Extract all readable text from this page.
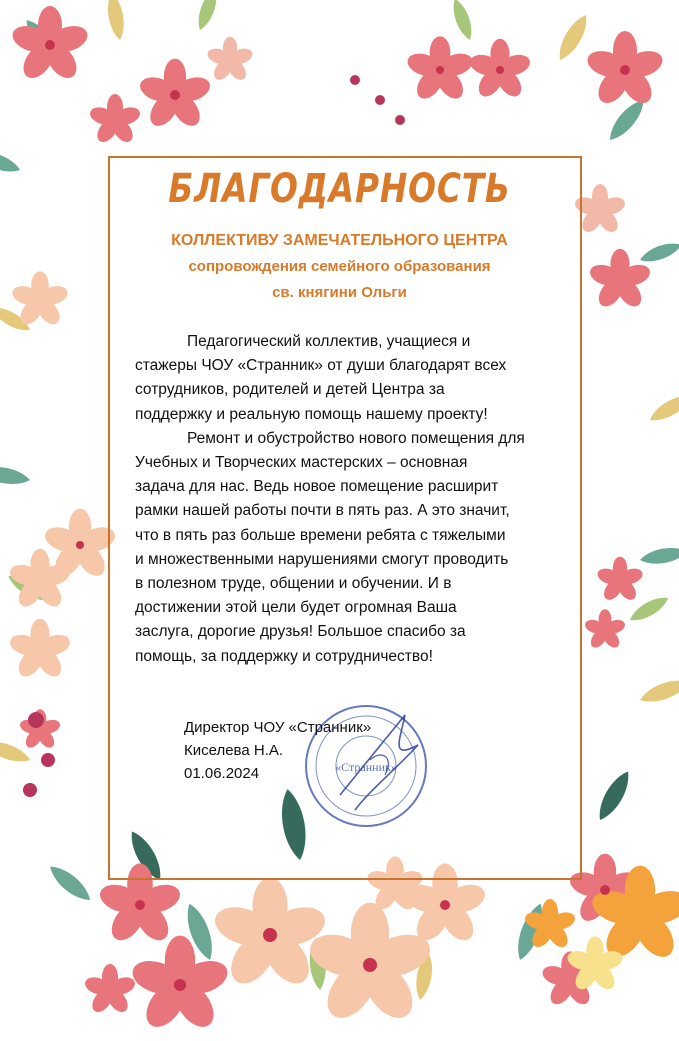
БЛАГОДАРНОСТЬ
КОЛЛЕКТИВУ ЗАМЕЧАТЕЛЬНОГО ЦЕНТРА
сопровождения семейного образования
св. княгини Ольги

Педагогический коллектив, учащиеся и

стажеры ЧОУ «Странник» от души благодарят всех

сотрудников, родителей и детей Центра за

поддержку и реальную помощь нашему проекту!

Ремонт и обустройство нового помещения для

Учебных и Творческих мастерских – основная

задача для нас. Ведь новое помещение расширит

рамки нашей работы почти в пять раз. А это значит,

что в пять раз больше времени ребята с тяжелыми

и множественными нарушениями смогут проводить

в полезном труде, общении и обучении. И в

достижении этой цели будет огромная Ваша

заслуга, дорогие друзья! Большое спасибо за

помощь, за поддержку и сотрудничество!

«Странник»
Директор ЧОУ «Странник»
Киселева Н.А.
01.06.2024
